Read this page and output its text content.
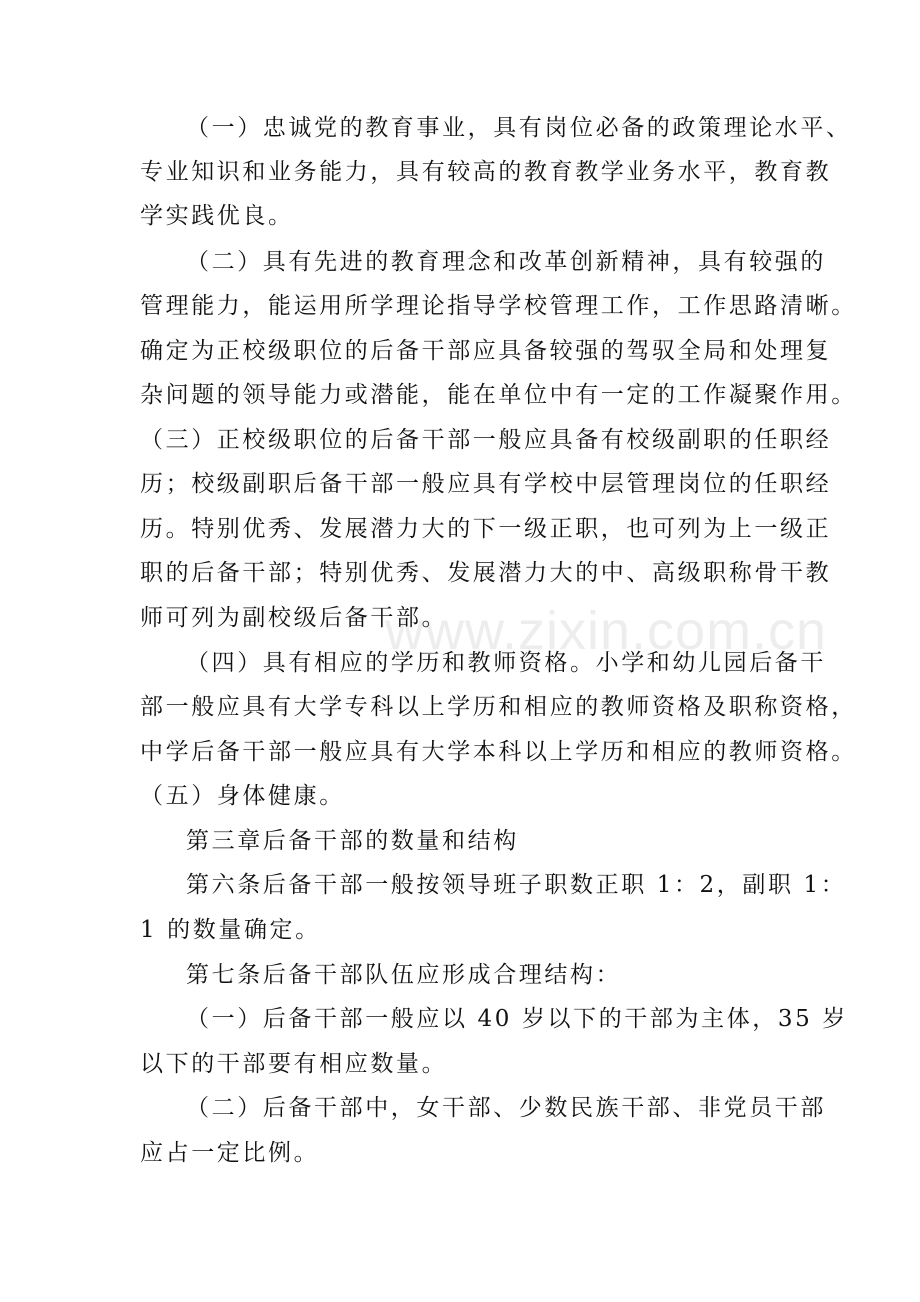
（一）忠诚党的教育事业，具有岗位必备的政策理论水平、
专业知识和业务能力，具有较高的教育教学业务水平，教育教
学实践优良。
（二）具有先进的教育理念和改革创新精神，具有较强的
管理能力，能运用所学理论指导学校管理工作，工作思路清晰。
确定为正校级职位的后备干部应具备较强的驾驭全局和处理复
杂问题的领导能力或潜能，能在单位中有一定的工作凝聚作用。
（三）正校级职位的后备干部一般应具备有校级副职的任职经
历；校级副职后备干部一般应具有学校中层管理岗位的任职经
历。特别优秀、发展潜力大的下一级正职，也可列为上一级正
职的后备干部；特别优秀、发展潜力大的中、高级职称骨干教
师可列为副校级后备干部。
（四）具有相应的学历和教师资格。小学和幼儿园后备干
部一般应具有大学专科以上学历和相应的教师资格及职称资格，
中学后备干部一般应具有大学本科以上学历和相应的教师资格。
（五）身体健康。
第三章后备干部的数量和结构
第六条后备干部一般按领导班子职数正职 1：2，副职 1：
1 的数量确定。
第七条后备干部队伍应形成合理结构：
（一）后备干部一般应以 40 岁以下的干部为主体，35 岁
以下的干部要有相应数量。
（二）后备干部中，女干部、少数民族干部、非党员干部
应占一定比例。
www.zixin.com.cn
